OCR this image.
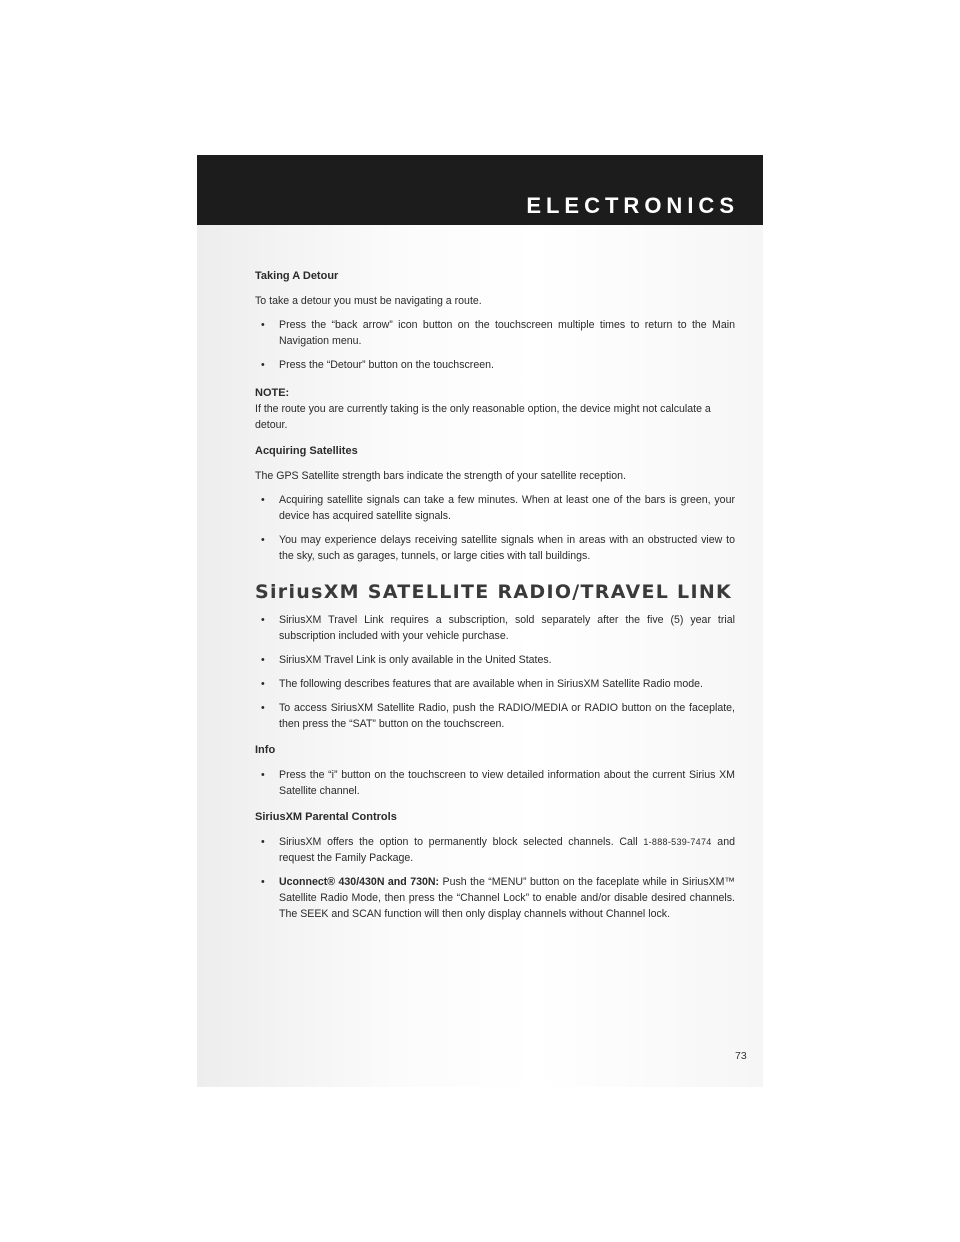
ELECTRONICS
Taking A Detour
To take a detour you must be navigating a route.
• Press the “back arrow” icon button on the touchscreen multiple times to return to the Main Navigation menu.
• Press the “Detour” button on the touchscreen.
NOTE:
If the route you are currently taking is the only reasonable option, the device might not calculate a detour.
Acquiring Satellites
The GPS Satellite strength bars indicate the strength of your satellite reception.
• Acquiring satellite signals can take a few minutes. When at least one of the bars is green, your device has acquired satellite signals.
• You may experience delays receiving satellite signals when in areas with an obstructed view to the sky, such as garages, tunnels, or large cities with tall buildings.
SiriusXM SATELLITE RADIO/TRAVEL LINK
• SiriusXM Travel Link requires a subscription, sold separately after the five (5) year trial subscription included with your vehicle purchase.
• SiriusXM Travel Link is only available in the United States.
• The following describes features that are available when in SiriusXM Satellite Radio mode.
• To access SiriusXM Satellite Radio, push the RADIO/MEDIA or RADIO button on the faceplate, then press the “SAT” button on the touchscreen.
Info
• Press the “i” button on the touchscreen to view detailed information about the current Sirius XM Satellite channel.
SiriusXM Parental Controls
• SiriusXM offers the option to permanently block selected channels. Call 1-888-539-7474 and request the Family Package.
• Uconnect® 430/430N and 730N: Push the “MENU” button on the faceplate while in SiriusXM™ Satellite Radio Mode, then press the “Channel Lock” to enable and/or disable desired channels. The SEEK and SCAN function will then only display channels without Channel lock.
73
